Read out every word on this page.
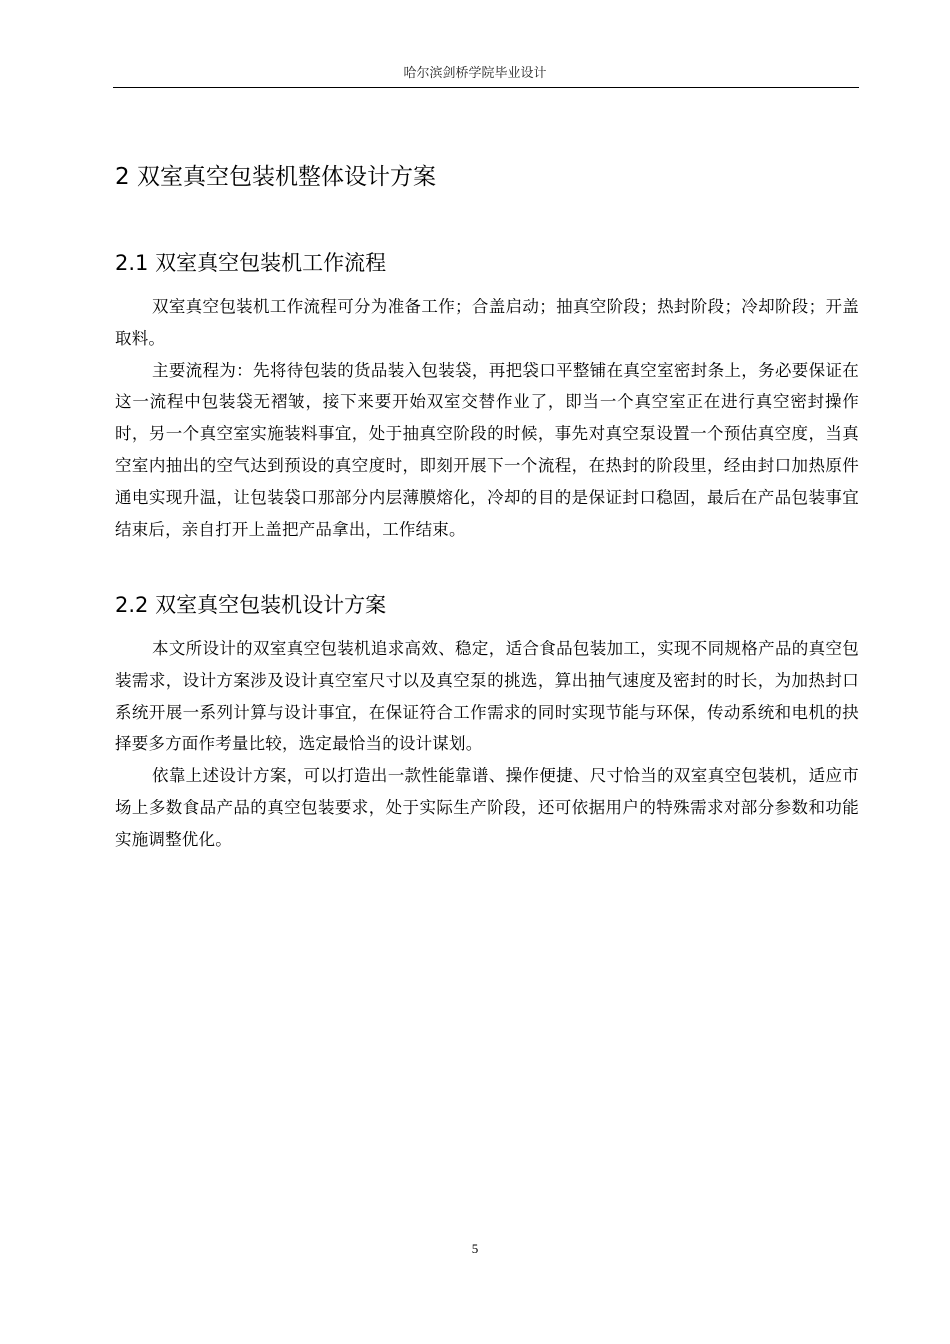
哈尔滨剑桥学院毕业设计
2 双室真空包装机整体设计方案
2.1 双室真空包装机工作流程

双室真空包装机工作流程可分为准备工作；合盖启动；抽真空阶段；热封阶段；冷却阶段；开盖取料。

主要流程为：先将待包装的货品装入包装袋，再把袋口平整铺在真空室密封条上，务必要保证在这一流程中包装袋无褶皱，接下来要开始双室交替作业了，即当一个真空室正在进行真空密封操作时，另一个真空室实施装料事宜，处于抽真空阶段的时候，事先对真空泵设置一个预估真空度，当真空室内抽出的空气达到预设的真空度时，即刻开展下一个流程，在热封的阶段里，经由封口加热原件通电实现升温，让包装袋口那部分内层薄膜熔化，冷却的目的是保证封口稳固，最后在产品包装事宜结束后，亲自打开上盖把产品拿出，工作结束。

2.2 双室真空包装机设计方案

本文所设计的双室真空包装机追求高效、稳定，适合食品包装加工，实现不同规格产品的真空包装需求，设计方案涉及设计真空室尺寸以及真空泵的挑选，算出抽气速度及密封的时长，为加热封口系统开展一系列计算与设计事宜，在保证符合工作需求的同时实现节能与环保，传动系统和电机的抉择要多方面作考量比较，选定最恰当的设计谋划。

依靠上述设计方案，可以打造出一款性能靠谱、操作便捷、尺寸恰当的双室真空包装机，适应市场上多数食品产品的真空包装要求，处于实际生产阶段，还可依据用户的特殊需求对部分参数和功能实施调整优化。

5
